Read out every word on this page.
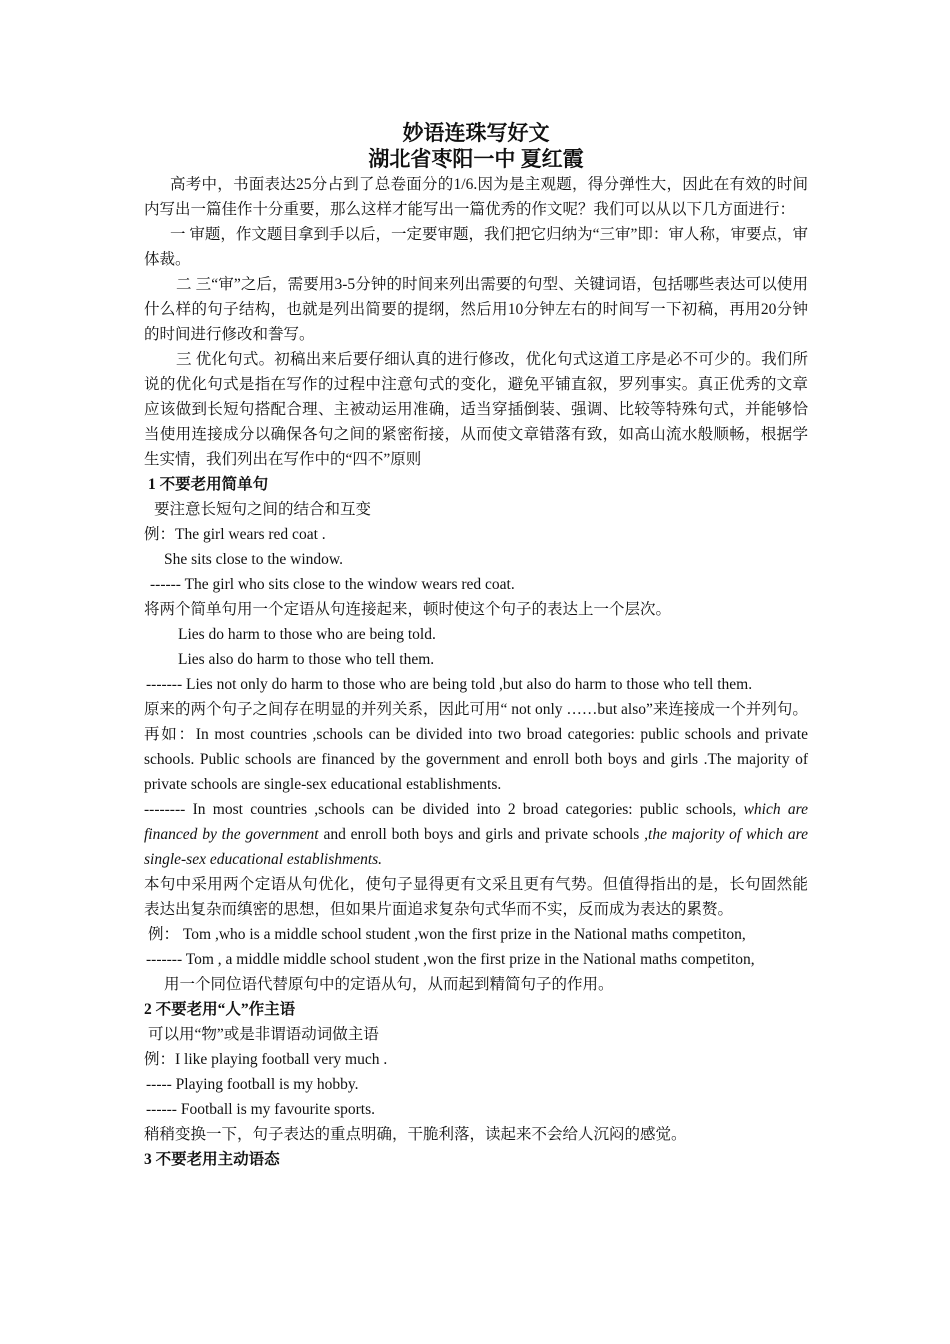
妙语连珠写好文

湖北省枣阳一中 夏红霞

高考中，书面表达25分占到了总卷面分的1/6.因为是主观题，得分弹性大，因此在有效的时间内写出一篇佳作十分重要，那么这样才能写出一篇优秀的作文呢？我们可以从以下几方面进行：

一 审题，作文题目拿到手以后，一定要审题，我们把它归纳为“三审”即：审人称，审要点，审体裁。

二 三“审”之后，需要用3-5分钟的时间来列出需要的句型、关键词语，包括哪些表达可以使用什么样的句子结构，也就是列出简要的提纲，然后用10分钟左右的时间写一下初稿，再用20分钟的时间进行修改和誊写。

三 优化句式。初稿出来后要仔细认真的进行修改，优化句式这道工序是必不可少的。我们所说的优化句式是指在写作的过程中注意句式的变化，避免平铺直叙，罗列事实。真正优秀的文章应该做到长短句搭配合理、主被动运用准确，适当穿插倒装、强调、比较等特殊句式，并能够恰当使用连接成分以确保各句之间的紧密衔接，从而使文章错落有致，如高山流水般顺畅，根据学生实情，我们列出在写作中的“四不”原则

1 不要老用简单句

要注意长短句之间的结合和互变

例：The girl wears red coat .

She sits close to the window.

------ The girl who sits close to the window wears red coat.

将两个简单句用一个定语从句连接起来，顿时使这个句子的表达上一个层次。

Lies do harm to those who are being told.

Lies also do harm to those who tell them.

------- Lies not only do harm to those who are being told ,but also do harm to those who tell them.

原来的两个句子之间存在明显的并列关系，因此可用“ not only ……but also”来连接成一个并列句。

再如：In most countries ,schools can be divided into two broad categories: public schools and private schools. Public schools are financed by the government and enroll both boys and girls .The majority of private schools are single-sex educational establishments.

-------- In most countries ,schools can be divided into 2 broad categories: public schools, which are financed by the government and enroll both boys and girls and private schools ,the majority of which are single-sex educational establishments.

本句中采用两个定语从句优化，使句子显得更有文采且更有气势。但值得指出的是，长句固然能表达出复杂而缜密的思想，但如果片面追求复杂句式华而不实，反而成为表达的累赘。

例： Tom ,who is a middle school student ,won the first prize in the National maths competiton,

------- Tom , a middle middle school student ,won the first prize in the National maths competiton,

用一个同位语代替原句中的定语从句，从而起到精简句子的作用。

2 不要老用“人”作主语

可以用“物”或是非谓语动词做主语

例：I like playing football very much .

----- Playing football is my hobby.

------ Football is my favourite sports.

稍稍变换一下，句子表达的重点明确，干脆利落，读起来不会给人沉闷的感觉。

3 不要老用主动语态
